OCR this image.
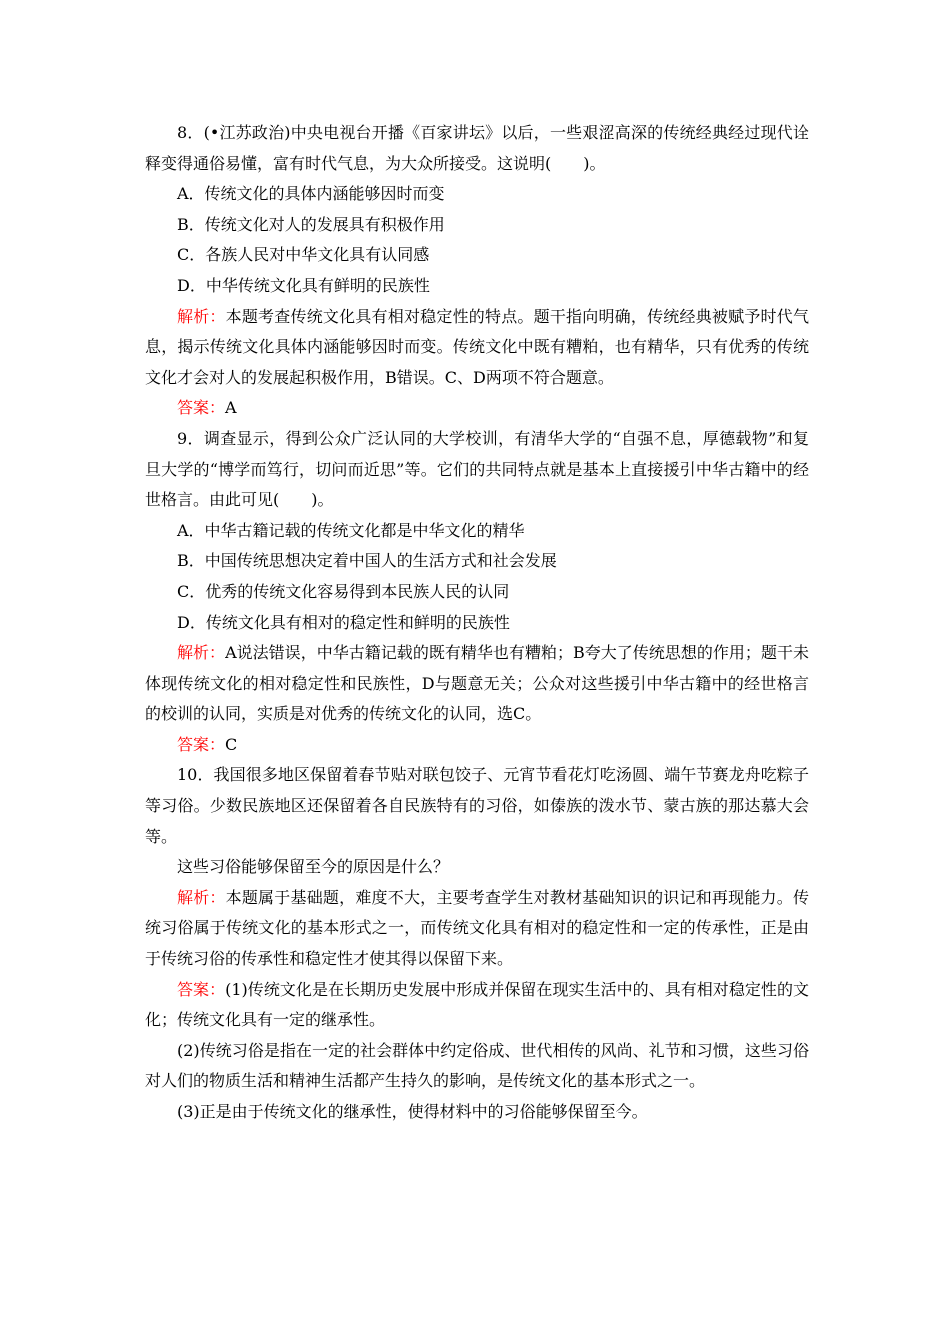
8．(•江苏政治)中央电视台开播《百家讲坛》以后，一些艰涩高深的传统经典经过现代诠释变得通俗易懂，富有时代气息，为大众所接受。这说明(　　)。

A．传统文化的具体内涵能够因时而变

B．传统文化对人的发展具有积极作用

C．各族人民对中华文化具有认同感

D．中华传统文化具有鲜明的民族性

解析：本题考查传统文化具有相对稳定性的特点。题干指向明确，传统经典被赋予时代气息，揭示传统文化具体内涵能够因时而变。传统文化中既有糟粕，也有精华，只有优秀的传统文化才会对人的发展起积极作用，B错误。C、D两项不符合题意。

答案：A

9．调查显示，得到公众广泛认同的大学校训，有清华大学的“自强不息，厚德载物”和复旦大学的“博学而笃行，切问而近思”等。它们的共同特点就是基本上直接援引中华古籍中的经世格言。由此可见(　　)。

A．中华古籍记载的传统文化都是中华文化的精华

B．中国传统思想决定着中国人的生活方式和社会发展

C．优秀的传统文化容易得到本民族人民的认同

D．传统文化具有相对的稳定性和鲜明的民族性

解析：A说法错误，中华古籍记载的既有精华也有糟粕；B夸大了传统思想的作用；题干未体现传统文化的相对稳定性和民族性，D与题意无关；公众对这些援引中华古籍中的经世格言的校训的认同，实质是对优秀的传统文化的认同，选C。

答案：C

10．我国很多地区保留着春节贴对联包饺子、元宵节看花灯吃汤圆、端午节赛龙舟吃粽子等习俗。少数民族地区还保留着各自民族特有的习俗，如傣族的泼水节、蒙古族的那达慕大会等。

这些习俗能够保留至今的原因是什么？

解析：本题属于基础题，难度不大，主要考查学生对教材基础知识的识记和再现能力。传统习俗属于传统文化的基本形式之一，而传统文化具有相对的稳定性和一定的传承性，正是由于传统习俗的传承性和稳定性才使其得以保留下来。

答案：(1)传统文化是在长期历史发展中形成并保留在现实生活中的、具有相对稳定性的文化；传统文化具有一定的继承性。

(2)传统习俗是指在一定的社会群体中约定俗成、世代相传的风尚、礼节和习惯，这些习俗对人们的物质生活和精神生活都产生持久的影响，是传统文化的基本形式之一。

(3)正是由于传统文化的继承性，使得材料中的习俗能够保留至今。
